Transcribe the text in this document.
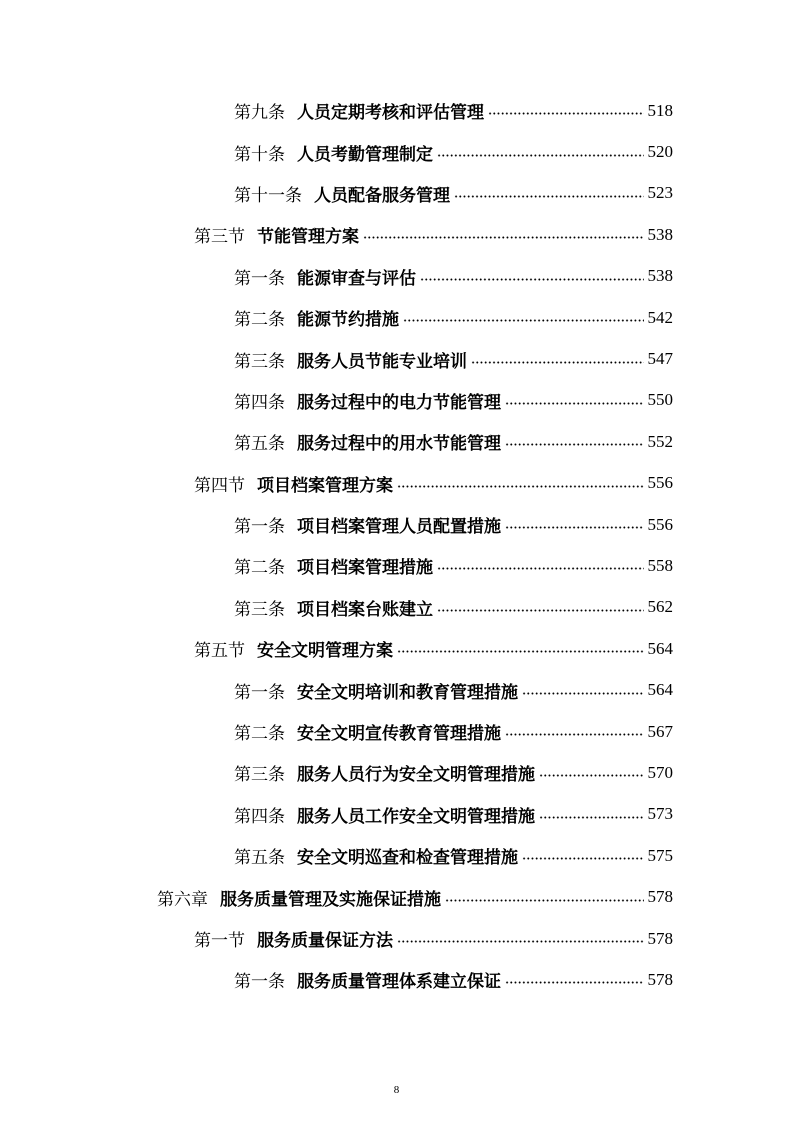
第九条 人员定期考核和评估管理	518
第十条 人员考勤管理制定	520
第十一条 人员配备服务管理	523
第三节 节能管理方案	538
第一条 能源审查与评估	538
第二条 能源节约措施	542
第三条 服务人员节能专业培训	547
第四条 服务过程中的电力节能管理	550
第五条 服务过程中的用水节能管理	552
第四节 项目档案管理方案	556
第一条 项目档案管理人员配置措施	556
第二条 项目档案管理措施	558
第三条 项目档案台账建立	562
第五节 安全文明管理方案	564
第一条 安全文明培训和教育管理措施	564
第二条 安全文明宣传教育管理措施	567
第三条 服务人员行为安全文明管理措施	570
第四条 服务人员工作安全文明管理措施	573
第五条 安全文明巡查和检查管理措施	575
第六章 服务质量管理及实施保证措施	578
第一节 服务质量保证方法	578
第一条 服务质量管理体系建立保证	578
8
